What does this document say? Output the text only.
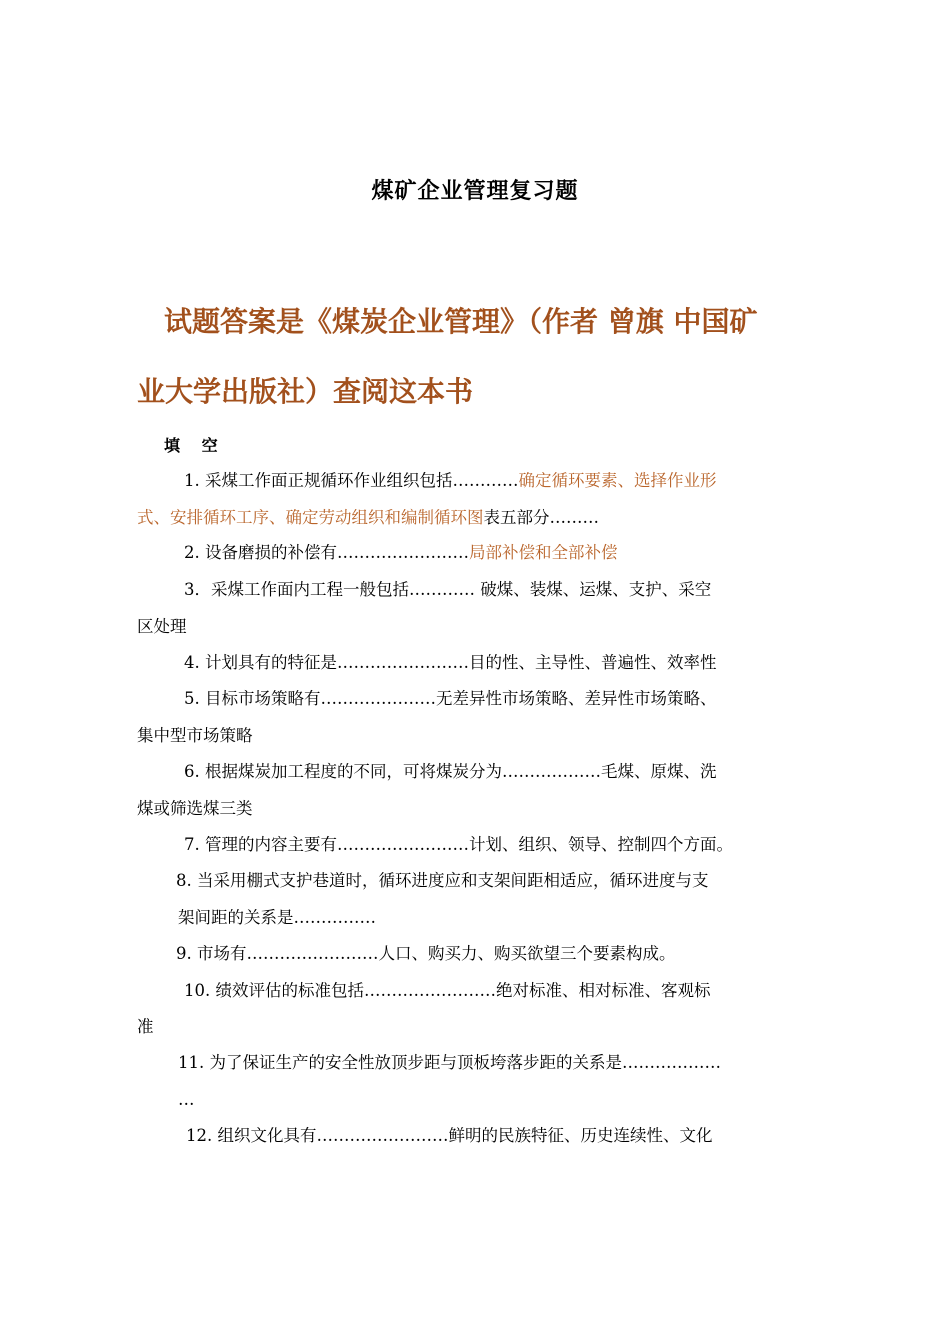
煤矿企业管理复习题
试题答案是《煤炭企业管理》（作者 曾旗 中国矿
业大学出版社）查阅这本书
填 空
1. 采煤工作面正规循环作业组织包括…………确定循环要素、选择作业形
式、安排循环工序、确定劳动组织和编制循环图表五部分………
2. 设备磨损的补偿有……………………局部补偿和全部补偿
3．采煤工作面内工程一般包括………… 破煤、装煤、运煤、支护、采空
区处理
4. 计划具有的特征是……………………目的性、主导性、普遍性、效率性
5. 目标市场策略有…………………无差异性市场策略、差异性市场策略、
集中型市场策略
6. 根据煤炭加工程度的不同，可将煤炭分为………………毛煤、原煤、洗
煤或筛选煤三类
7. 管理的内容主要有……………………计划、组织、领导、控制四个方面。
8. 当采用棚式支护巷道时，循环进度应和支架间距相适应，循环进度与支
架间距的关系是……………
9. 市场有……………………人口、购买力、购买欲望三个要素构成。
10. 绩效评估的标准包括……………………绝对标准、相对标准、客观标
准
11. 为了保证生产的安全性放顶步距与顶板垮落步距的关系是………………
…
12. 组织文化具有……………………鲜明的民族特征、历史连续性、文化
